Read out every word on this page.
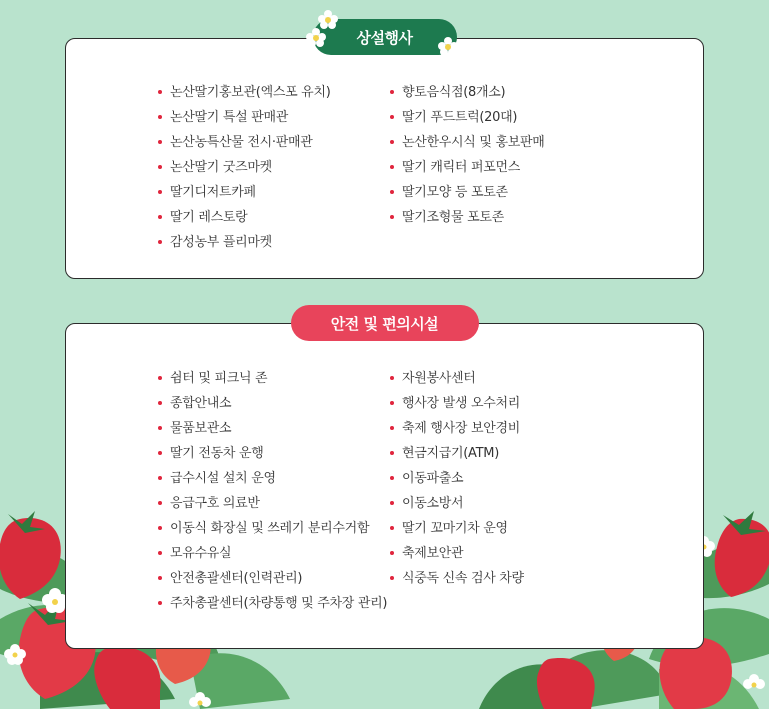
상설행사
논산딸기홍보관(엑스포 유치)
논산딸기 특설 판매관
논산농특산물 전시·판매관
논산딸기 굿즈마켓
딸기디저트카페
딸기 레스토랑
감성농부 플리마켓
향토음식점(8개소)
딸기 푸드트럭(20대)
논산한우시식 및 홍보판매
딸기 캐릭터 퍼포먼스
딸기모양 등 포토존
딸기조형물 포토존
안전 및 편의시설
쉼터 및 피크닉 존
종합안내소
물품보관소
딸기 전동차 운행
급수시설 설치 운영
응급구호 의료반
이동식 화장실 및 쓰레기 분리수거함
모유수유실
안전총괄센터(인력관리)
주차총괄센터(차량통행 및 주차장 관리)
자원봉사센터
행사장 발생 오수처리
축제 행사장 보안경비
현금지급기(ATM)
이동파출소
이동소방서
딸기 꼬마기차 운영
축제보안관
식중독 신속 검사 차량
